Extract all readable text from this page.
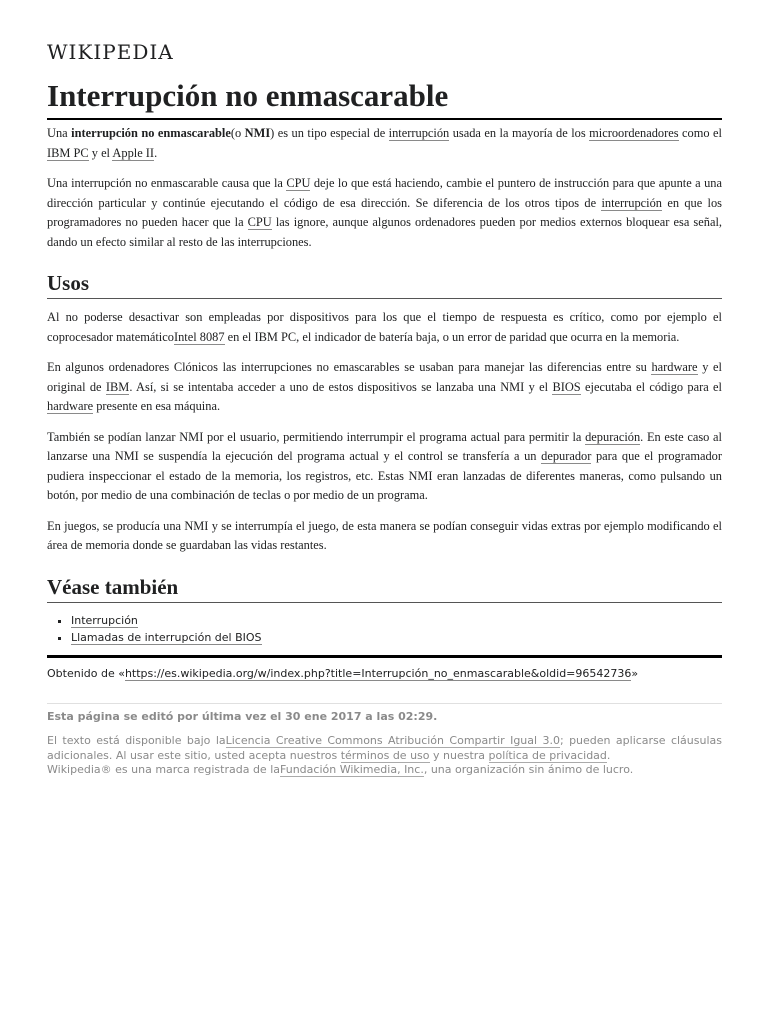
WIKIPEDIA
Interrupción no enmascarable

Una interrupción no enmascarable(o NMI) es un tipo especial de interrupción usada en la mayoría de los microordenadores como el IBM PC y el Apple II.

Una interrupción no enmascarable causa que la CPU deje lo que está haciendo, cambie el puntero de instrucción para que apunte a una dirección particular y continúe ejecutando el código de esa dirección. Se diferencia de los otros tipos de interrupción en que los programadores no pueden hacer que la CPU las ignore, aunque algunos ordenadores pueden por medios externos bloquear esa señal, dando un efecto similar al resto de las interrupciones.

Usos

Al no poderse desactivar son empleadas por dispositivos para los que el tiempo de respuesta es crítico, como por ejemplo el coprocesador matemáticoIntel 8087 en el IBM PC, el indicador de batería baja, o un error de paridad que ocurra en la memoria.

En algunos ordenadores Clónicos las interrupciones no emascarables se usaban para manejar las diferencias entre su hardware y el original de IBM. Así, si se intentaba acceder a uno de estos dispositivos se lanzaba una NMI y el BIOS ejecutaba el código para el hardware presente en esa máquina.

También se podían lanzar NMI por el usuario, permitiendo interrumpir el programa actual para permitir la depuración. En este caso al lanzarse una NMI se suspendía la ejecución del programa actual y el control se transfería a un depurador para que el programador pudiera inspeccionar el estado de la memoria, los registros, etc. Estas NMI eran lanzadas de diferentes maneras, como pulsando un botón, por medio de una combinación de teclas o por medio de un programa.

En juegos, se producía una NMI y se interrumpía el juego, de esta manera se podían conseguir vidas extras por ejemplo modificando el área de memoria donde se guardaban las vidas restantes.

Véase también
▪ Interrupción
▪ Llamadas de interrupción del BIOS
Obtenido de «https://es.wikipedia.org/w/index.php?title=Interrupción_no_enmascarable&oldid=96542736»

Esta página se editó por última vez el 30 ene 2017 a las 02:29.

El texto está disponible bajo laLicencia Creative Commons Atribución Compartir Igual 3.0; pueden aplicarse cláusulas adicionales. Al usar este sitio, usted acepta nuestros términos de uso y nuestra política de privacidad.
Wikipedia® es una marca registrada de laFundación Wikimedia, Inc., una organización sin ánimo de lucro.
